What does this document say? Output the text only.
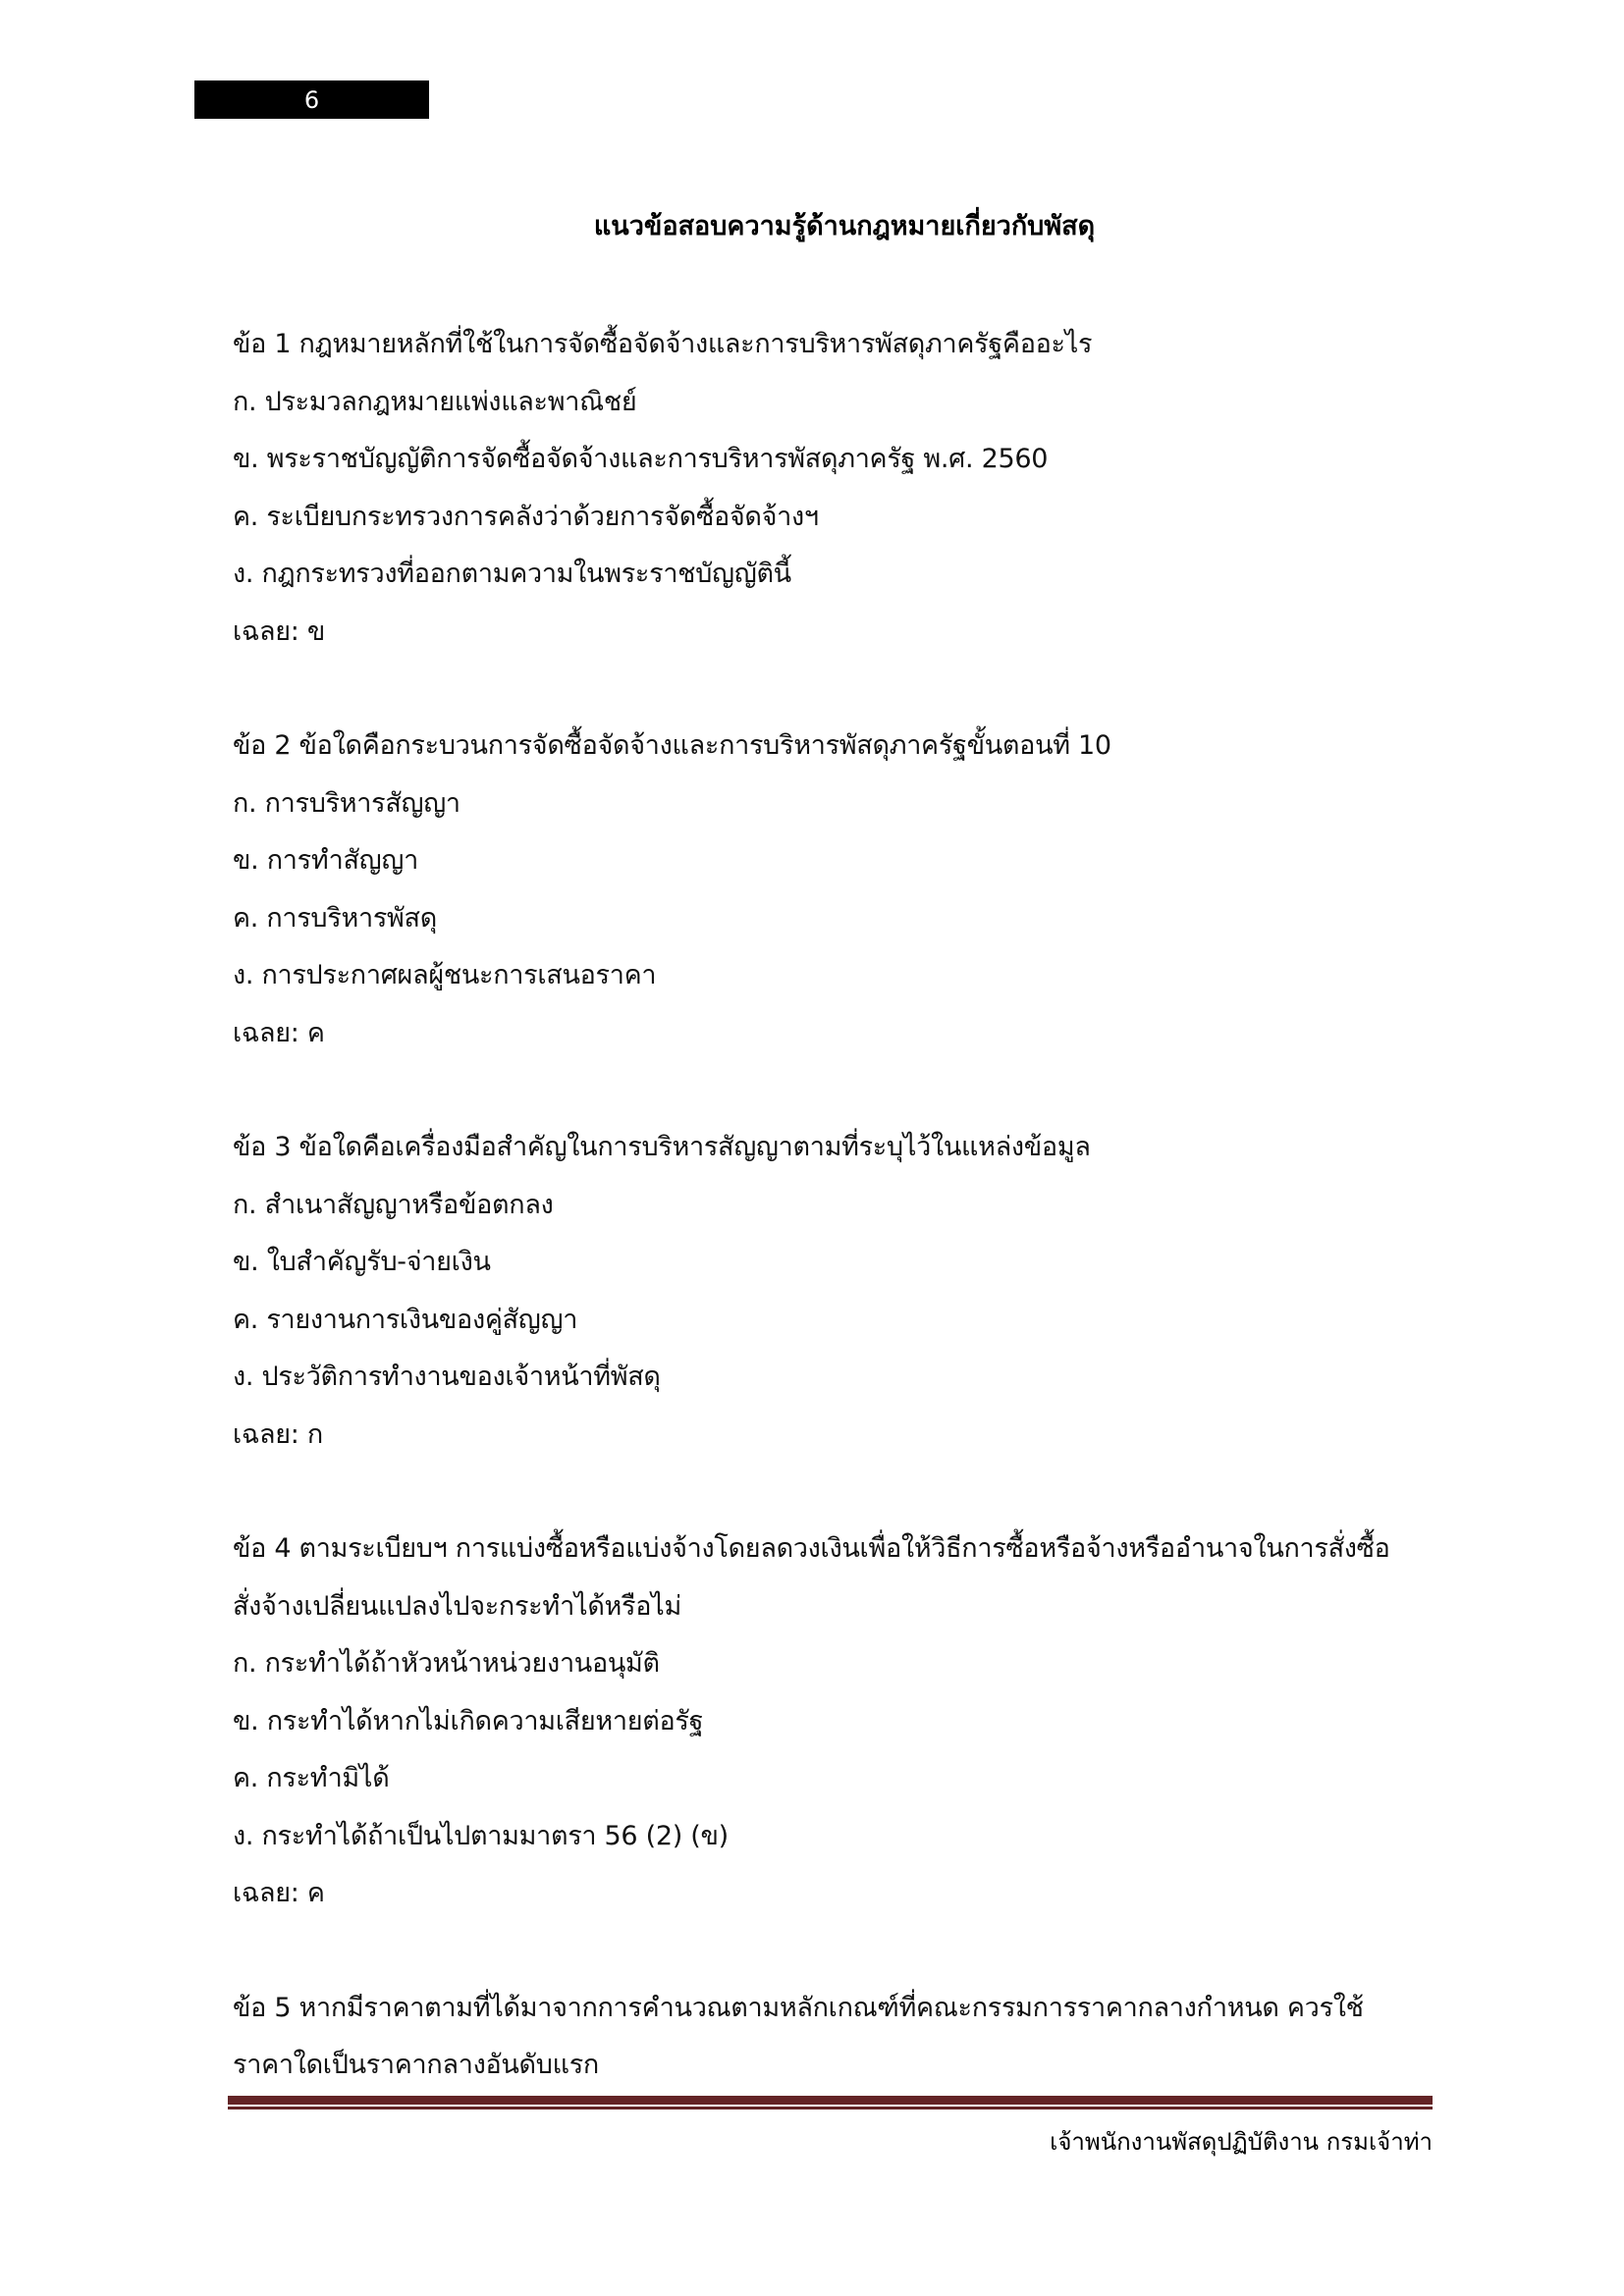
6
แนวข้อสอบความรู้ด้านกฎหมายเกี่ยวกับพัสดุ
ข้อ 1 กฎหมายหลักที่ใช้ในการจัดซื้อจัดจ้างและการบริหารพัสดุภาครัฐคืออะไร
ก. ประมวลกฎหมายแพ่งและพาณิชย์
ข. พระราชบัญญัติการจัดซื้อจัดจ้างและการบริหารพัสดุภาครัฐ พ.ศ. 2560
ค. ระเบียบกระทรวงการคลังว่าด้วยการจัดซื้อจัดจ้างฯ
ง. กฎกระทรวงที่ออกตามความในพระราชบัญญัตินี้
เฉลย: ข
ข้อ 2 ข้อใดคือกระบวนการจัดซื้อจัดจ้างและการบริหารพัสดุภาครัฐขั้นตอนที่ 10
ก. การบริหารสัญญา
ข. การทำสัญญา
ค. การบริหารพัสดุ
ง. การประกาศผลผู้ชนะการเสนอราคา
เฉลย: ค
ข้อ 3 ข้อใดคือเครื่องมือสำคัญในการบริหารสัญญาตามที่ระบุไว้ในแหล่งข้อมูล
ก. สำเนาสัญญาหรือข้อตกลง
ข. ใบสำคัญรับ-จ่ายเงิน
ค. รายงานการเงินของคู่สัญญา
ง. ประวัติการทำงานของเจ้าหน้าที่พัสดุ
เฉลย: ก
ข้อ 4 ตามระเบียบฯ การแบ่งซื้อหรือแบ่งจ้างโดยลดวงเงินเพื่อให้วิธีการซื้อหรือจ้างหรืออำนาจในการสั่งซื้อ
สั่งจ้างเปลี่ยนแปลงไปจะกระทำได้หรือไม่
ก. กระทำได้ถ้าหัวหน้าหน่วยงานอนุมัติ
ข. กระทำได้หากไม่เกิดความเสียหายต่อรัฐ
ค. กระทำมิได้
ง. กระทำได้ถ้าเป็นไปตามมาตรา 56 (2) (ข)
เฉลย: ค
ข้อ 5 หากมีราคาตามที่ได้มาจากการคำนวณตามหลักเกณฑ์ที่คณะกรรมการราคากลางกำหนด ควรใช้
ราคาใดเป็นราคากลางอันดับแรก
เจ้าพนักงานพัสดุปฏิบัติงาน กรมเจ้าท่า
